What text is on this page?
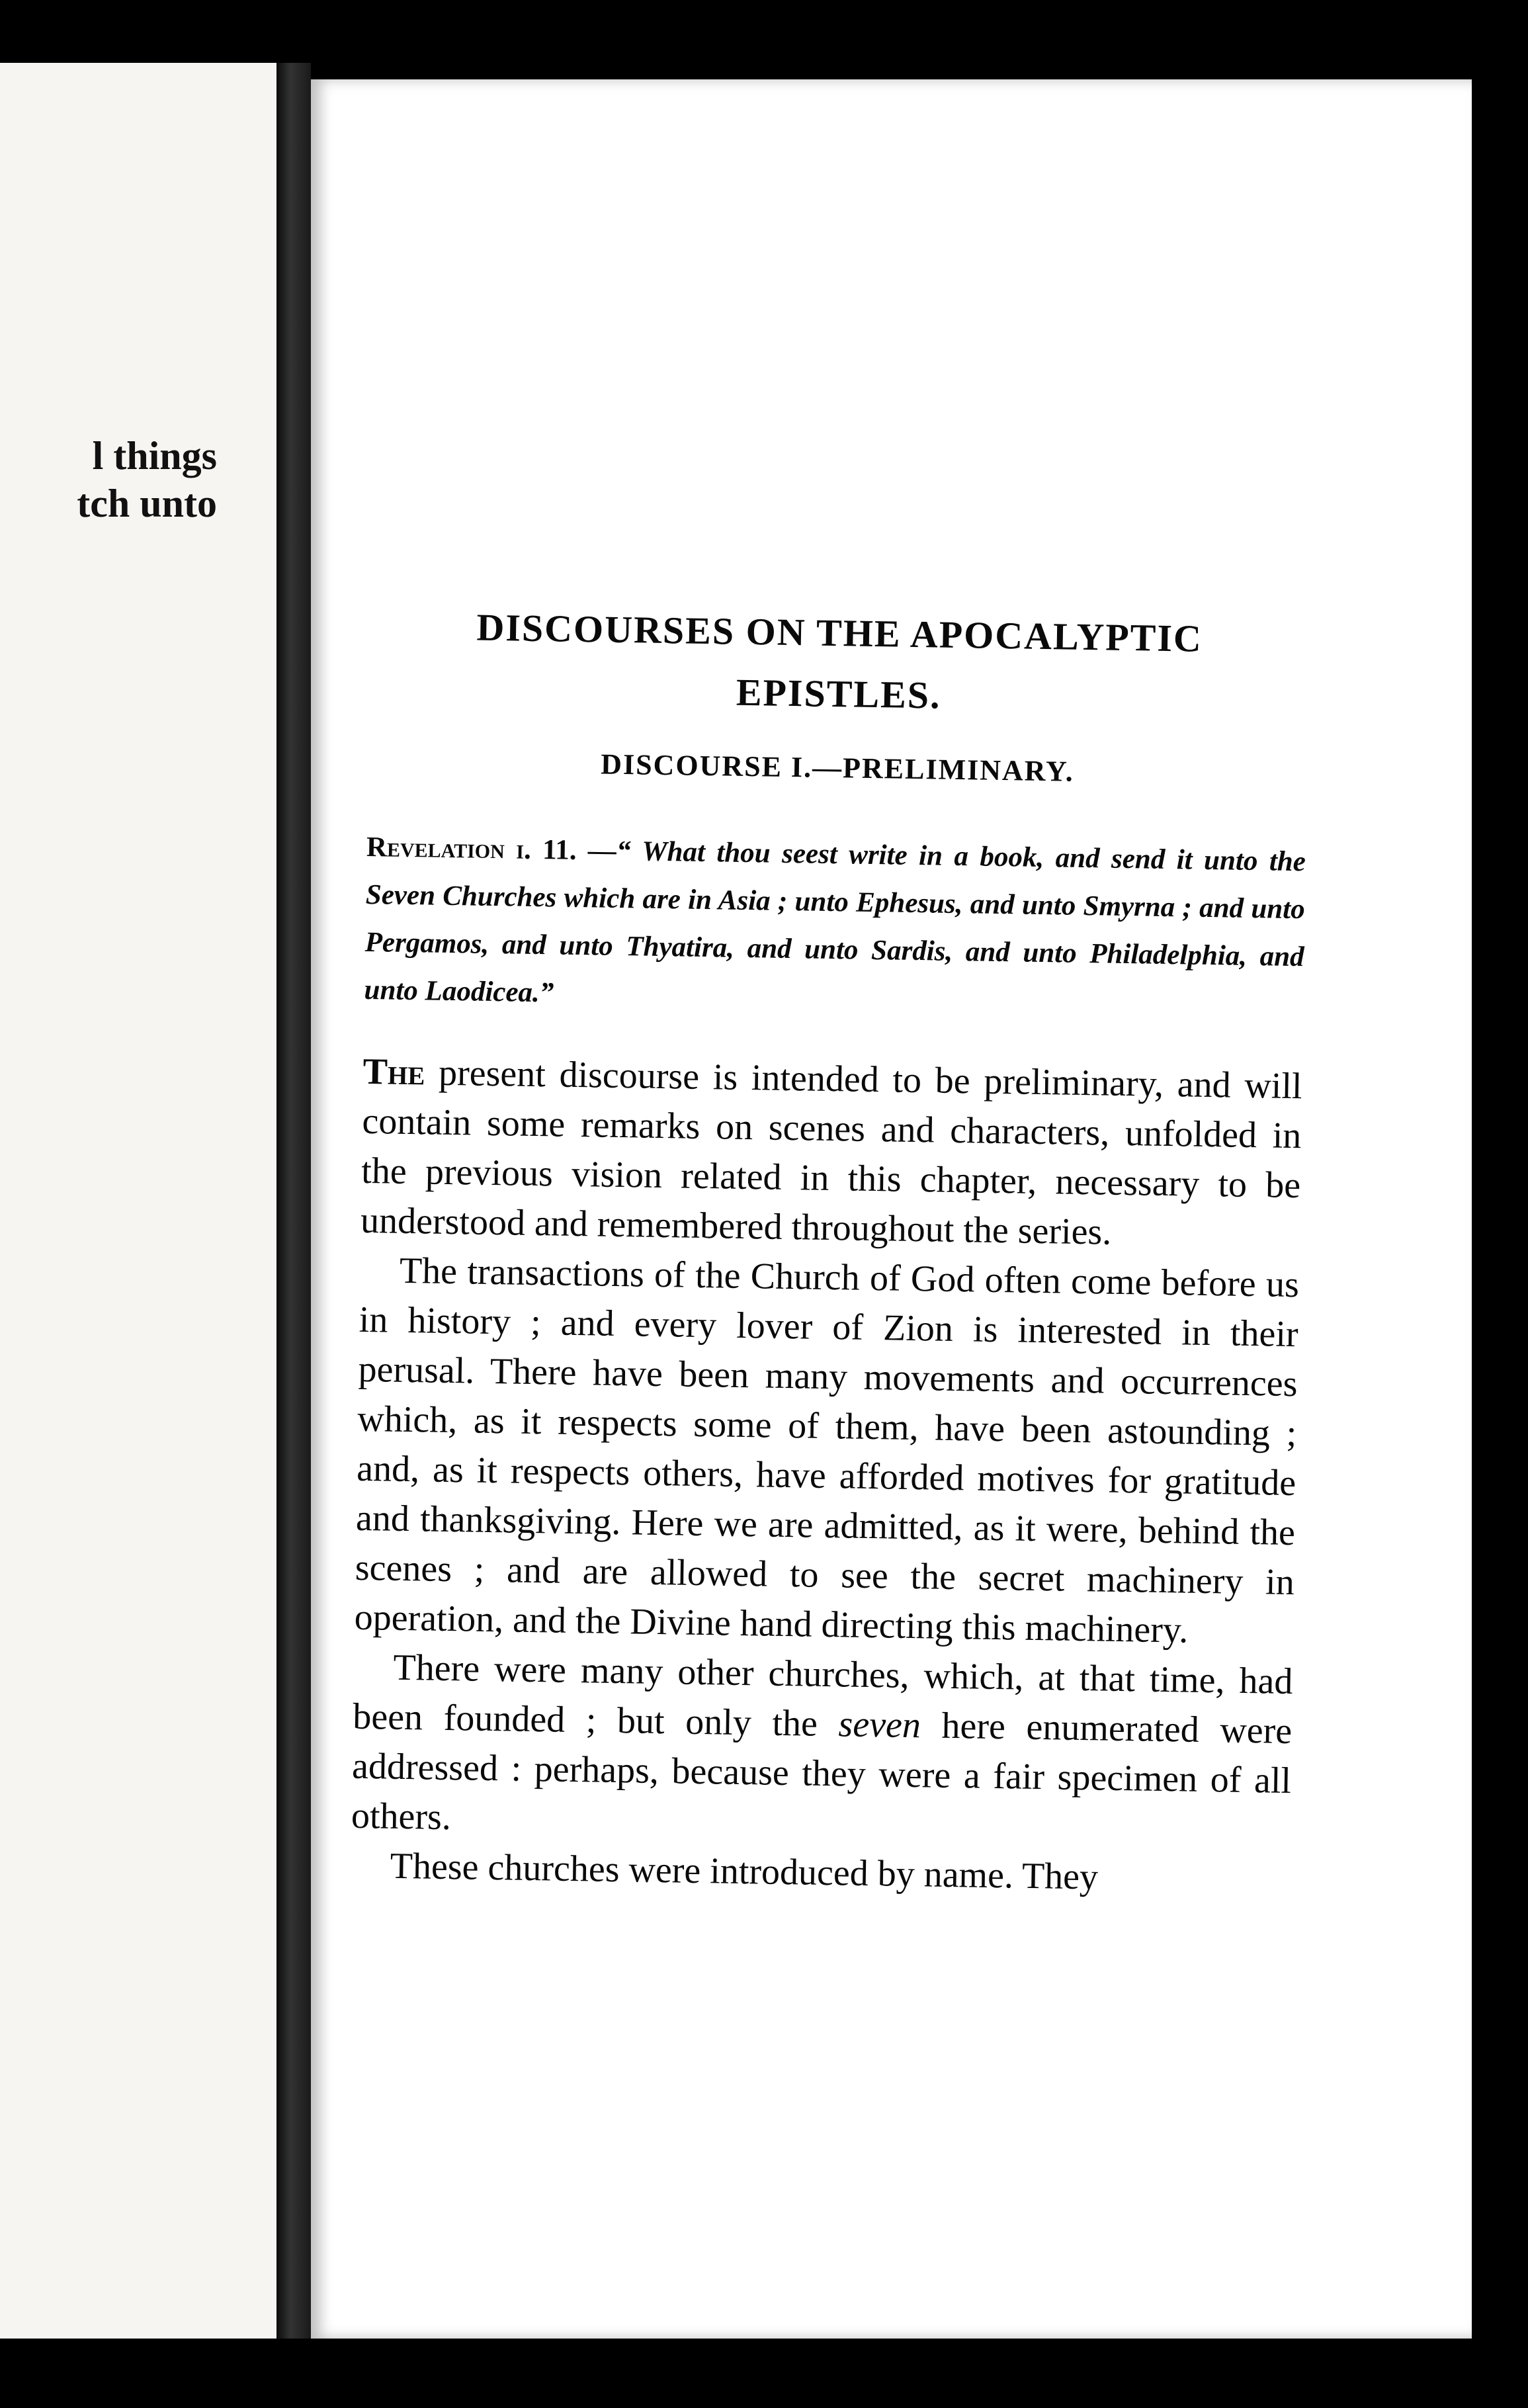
l things
tch unto
DISCOURSES ON THE APOCALYPTIC EPISTLES.
DISCOURSE I.—PRELIMINARY.

Revelation i. 11. —“ What thou seest write in a book, and send it unto the Seven Churches which are in Asia ; unto Ephesus, and unto Smyrna ; and unto Pergamos, and unto Thyatira, and unto Sardis, and unto Philadelphia, and unto Laodicea.”

The present discourse is intended to be preliminary, and will contain some remarks on scenes and characters, unfolded in the previous vision related in this chapter, necessary to be understood and remembered throughout the series.

The transactions of the Church of God often come before us in history ; and every lover of Zion is interested in their perusal. There have been many movements and occurrences which, as it respects some of them, have been astounding ; and, as it respects others, have afforded motives for gratitude and thanksgiving. Here we are admitted, as it were, behind the scenes ; and are allowed to see the secret machinery in operation, and the Divine hand directing this machinery.

There were many other churches, which, at that time, had been founded ; but only the seven here enumerated were addressed : perhaps, because they were a fair specimen of all others.

These churches were introduced by name. They
